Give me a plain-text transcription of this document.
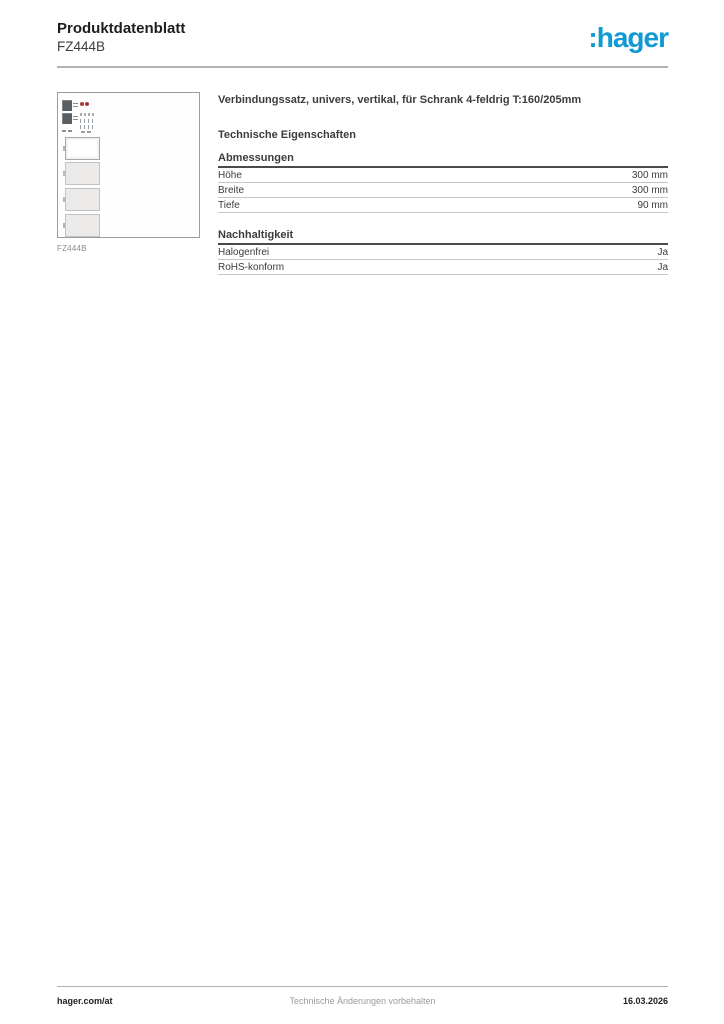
Produktdatenblatt
FZ444B	:hager
FZ444B
Verbindungssatz, univers, vertikal, für Schrank 4-feldrig T:160/205mm
Technische Eigenschaften
Abmessungen
Höhe	300 mm
Breite	300 mm
Tiefe	90 mm
Nachhaltigkeit
Halogenfrei	Ja
RoHS-konform	Ja
hager.com/at	Technische Änderungen vorbehalten	16.03.2026
